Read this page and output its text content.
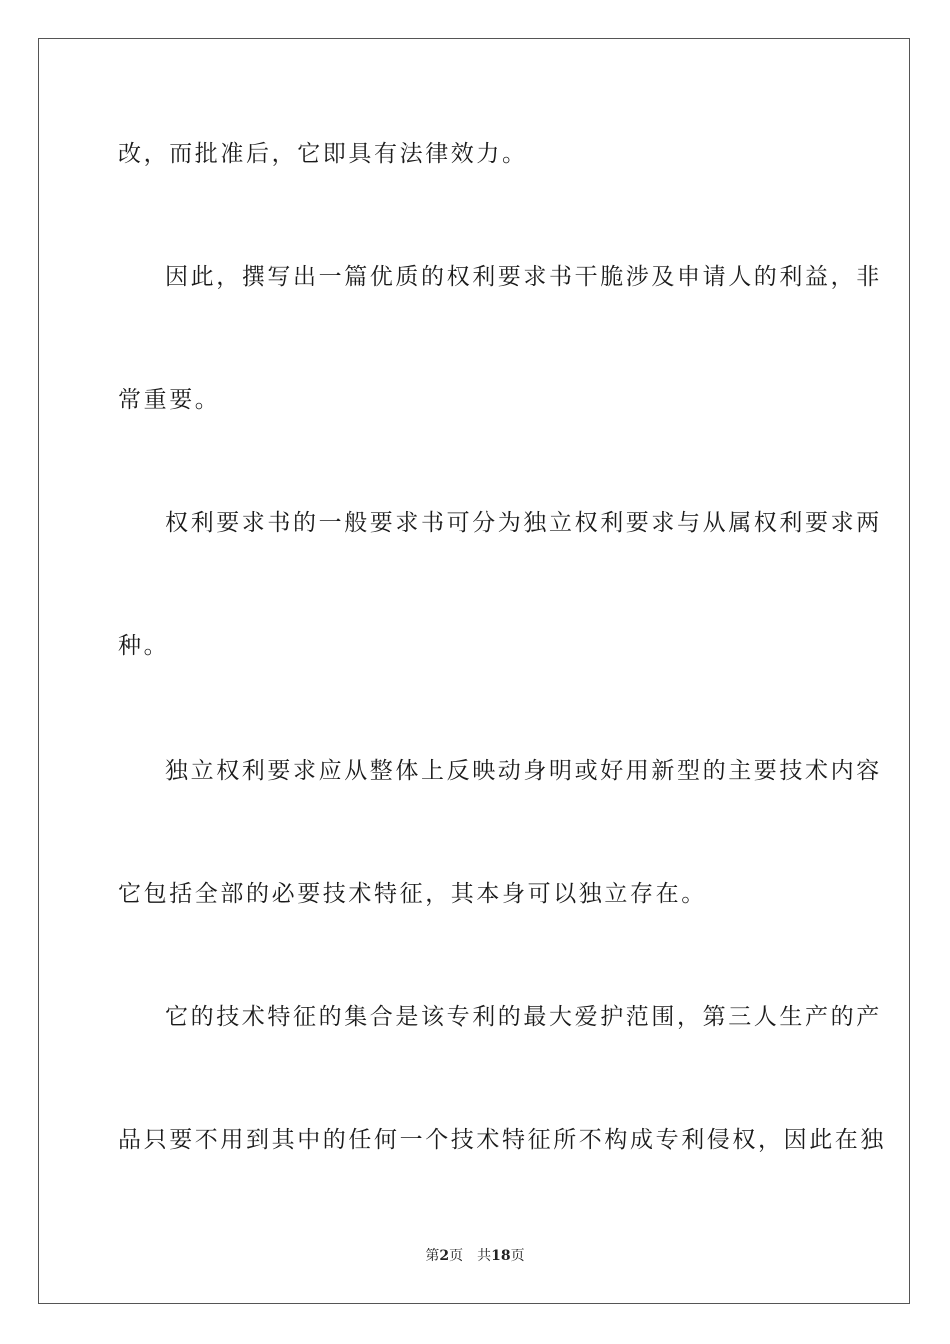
改，而批准后，它即具有法律效力。
因此，撰写出一篇优质的权利要求书干脆涉及申请人的利益，非
常重要。
权利要求书的一般要求书可分为独立权利要求与从属权利要求两
种。
独立权利要求应从整体上反映动身明或好用新型的主要技术内容
它包括全部的必要技术特征，其本身可以独立存在。
它的技术特征的集合是该专利的最大爱护范围，第三人生产的产
品只要不用到其中的任何一个技术特征所不构成专利侵权，因此在独
第2页 共18页
